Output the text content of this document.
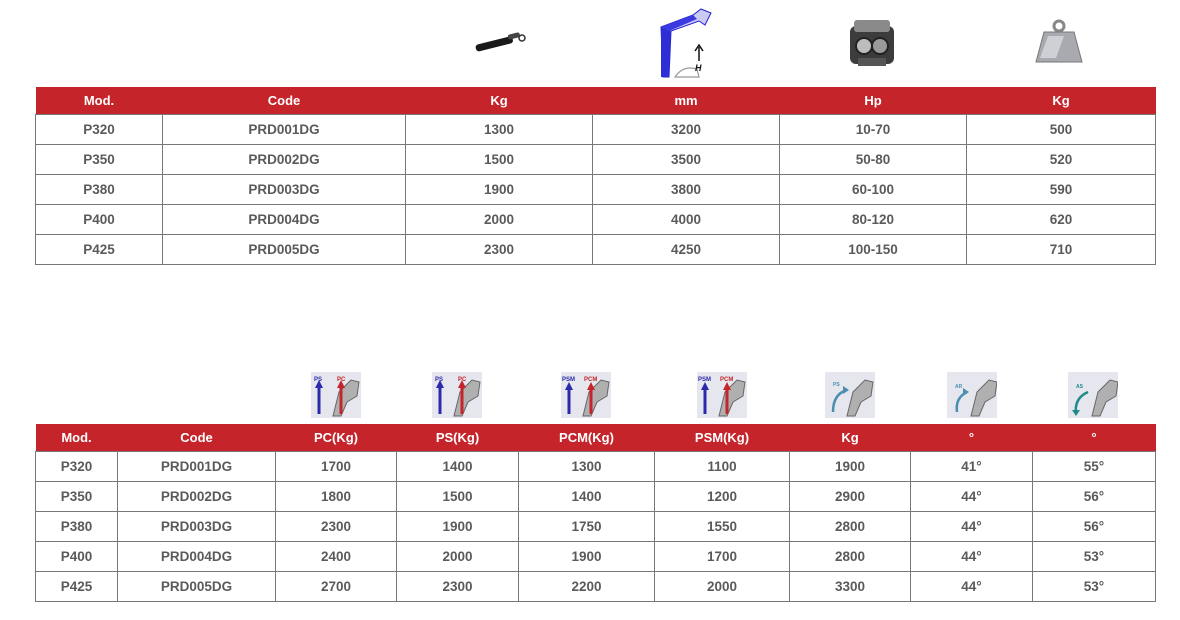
H
Mod.	Code	Kg	mm	Hp	Kg
P320	PRD001DG	1300	3200	10-70	500
P350	PRD002DG	1500	3500	50-80	520
P380	PRD003DG	1900	3800	60-100	590
P400	PRD004DG	2000	4000	80-120	620
P425	PRD005DG	2300	4250	100-150	710
PS PC	PS PC	PSM PCM	PSM PCM
PS	AR	AS
Mod.	Code	PC(Kg)	PS(Kg)	PCM(Kg)	PSM(Kg)	Kg	°	°
P320	PRD001DG	1700	1400	1300	1100	1900	41°	55°
P350	PRD002DG	1800	1500	1400	1200	2900	44°	56°
P380	PRD003DG	2300	1900	1750	1550	2800	44°	56°
P400	PRD004DG	2400	2000	1900	1700	2800	44°	53°
P425	PRD005DG	2700	2300	2200	2000	3300	44°	53°
